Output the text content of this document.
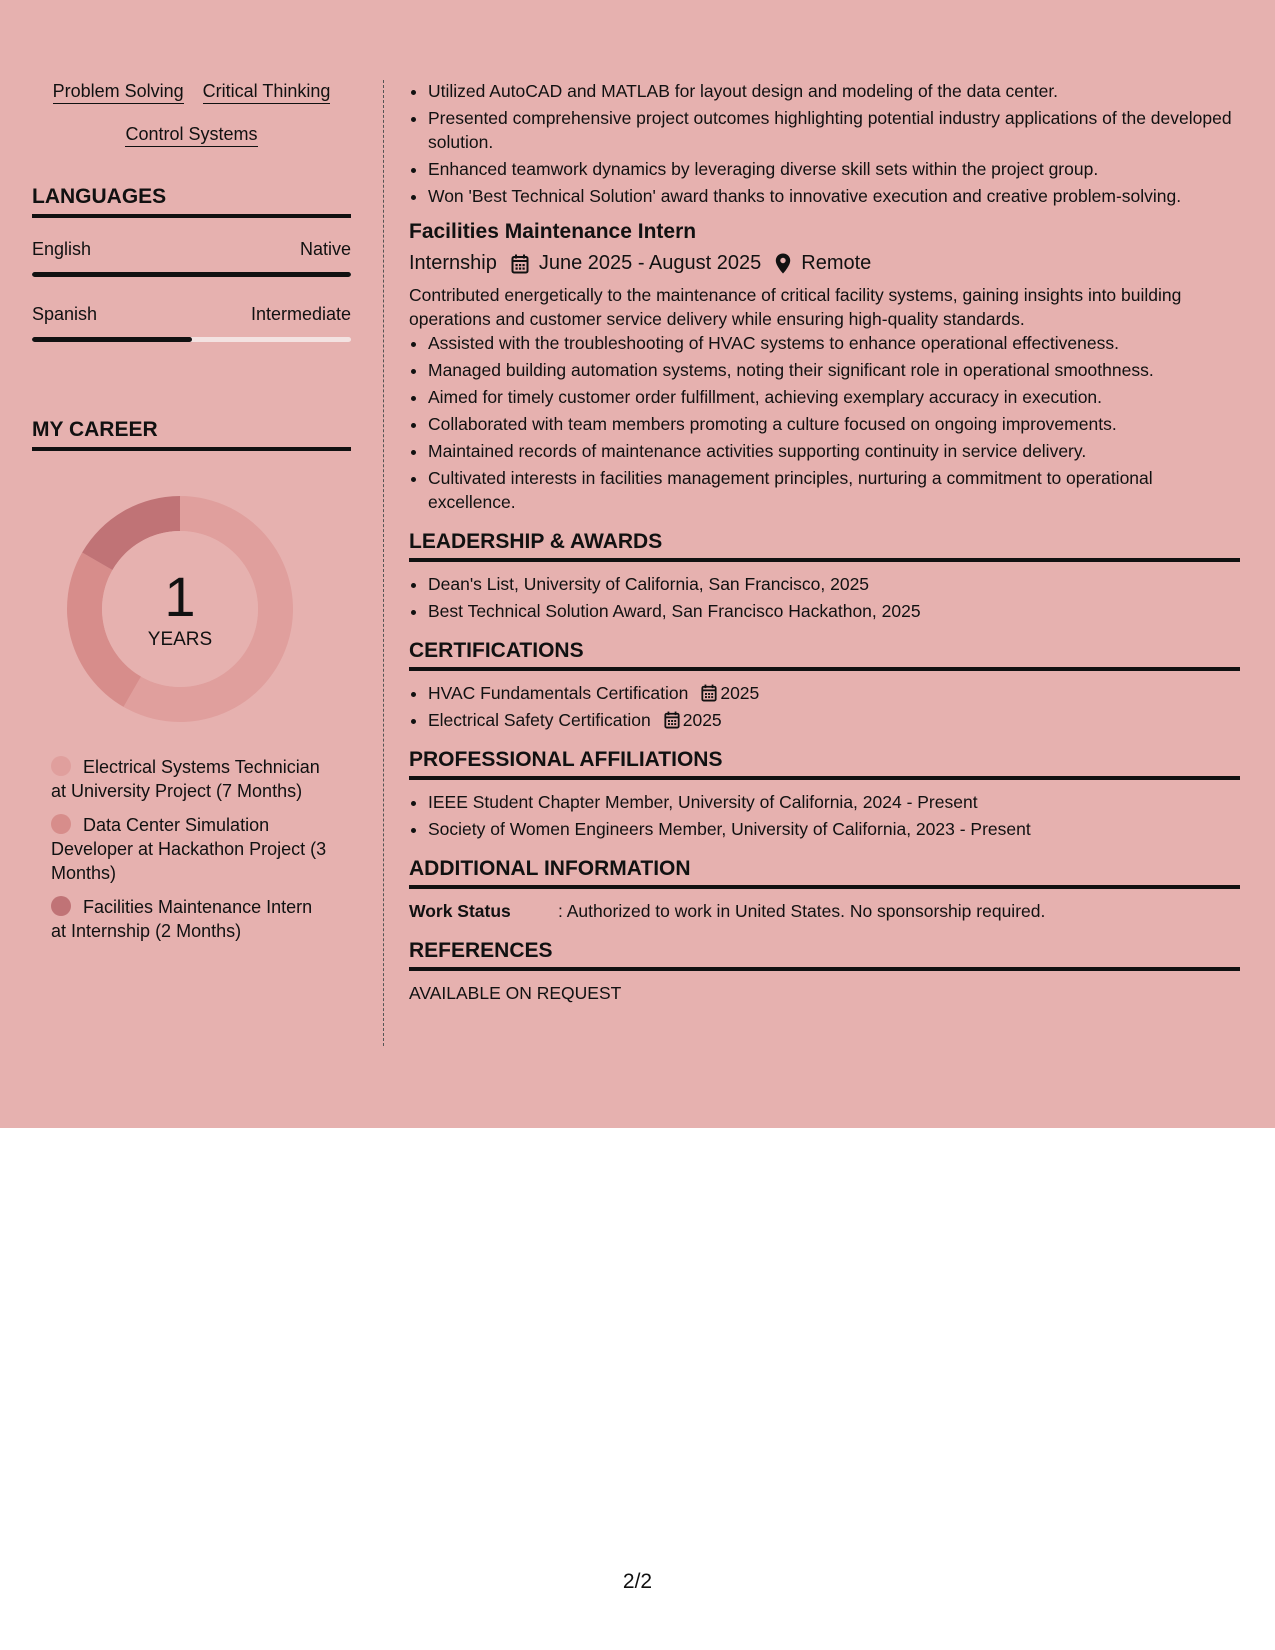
Problem Solving Critical Thinking
Control Systems
LANGUAGES
English	Native
Spanish	Intermediate
MY CAREER
1
YEARS
Electrical Systems Technician at University Project (7 Months)
Data Center Simulation Developer at Hackathon Project (3 Months)
Facilities Maintenance Intern at Internship (2 Months)
• Utilized AutoCAD and MATLAB for layout design and modeling of the data center.
• Presented comprehensive project outcomes highlighting potential industry applications of the developed solution.
• Enhanced teamwork dynamics by leveraging diverse skill sets within the project group.
• Won 'Best Technical Solution' award thanks to innovative execution and creative problem-solving.
Facilities Maintenance Intern
Internship June 2025 - August 2025 Remote
Contributed energetically to the maintenance of critical facility systems, gaining insights into building operations and customer service delivery while ensuring high-quality standards.
• Assisted with the troubleshooting of HVAC systems to enhance operational effectiveness.
• Managed building automation systems, noting their significant role in operational smoothness.
• Aimed for timely customer order fulfillment, achieving exemplary accuracy in execution.
• Collaborated with team members promoting a culture focused on ongoing improvements.
• Maintained records of maintenance activities supporting continuity in service delivery.
• Cultivated interests in facilities management principles, nurturing a commitment to operational excellence.
LEADERSHIP & AWARDS
• Dean's List, University of California, San Francisco, 2025
• Best Technical Solution Award, San Francisco Hackathon, 2025
CERTIFICATIONS
• HVAC Fundamentals Certification 2025
• Electrical Safety Certification 2025
PROFESSIONAL AFFILIATIONS
• IEEE Student Chapter Member, University of California, 2024 - Present
• Society of Women Engineers Member, University of California, 2023 - Present
ADDITIONAL INFORMATION
Work Status	: Authorized to work in United States. No sponsorship required.
REFERENCES
AVAILABLE ON REQUEST
2/2
